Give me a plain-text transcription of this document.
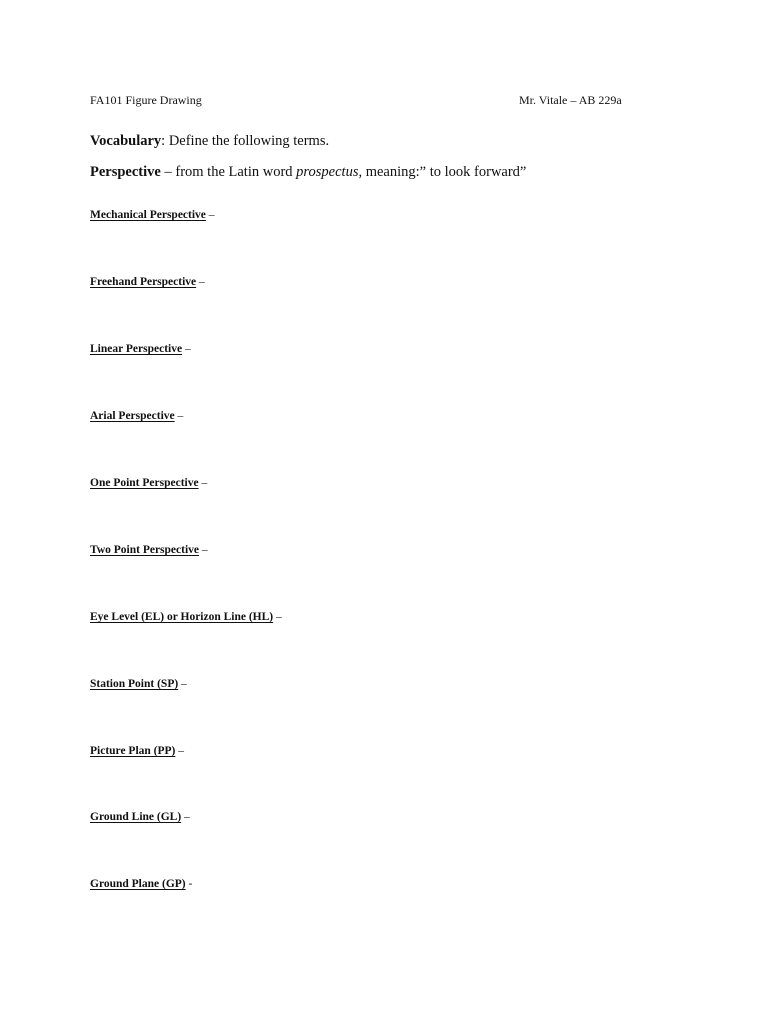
FA101 Figure Drawing	Mr. Vitale – AB 229a
Vocabulary: Define the following terms.
Perspective – from the Latin word prospectus, meaning:” to look forward”
Mechanical Perspective –
Freehand Perspective –
Linear Perspective –
Arial Perspective –
One Point Perspective –
Two Point Perspective –
Eye Level (EL) or Horizon Line (HL) –
Station Point (SP) –
Picture Plan (PP) –
Ground Line (GL) –
Ground Plane (GP) -
